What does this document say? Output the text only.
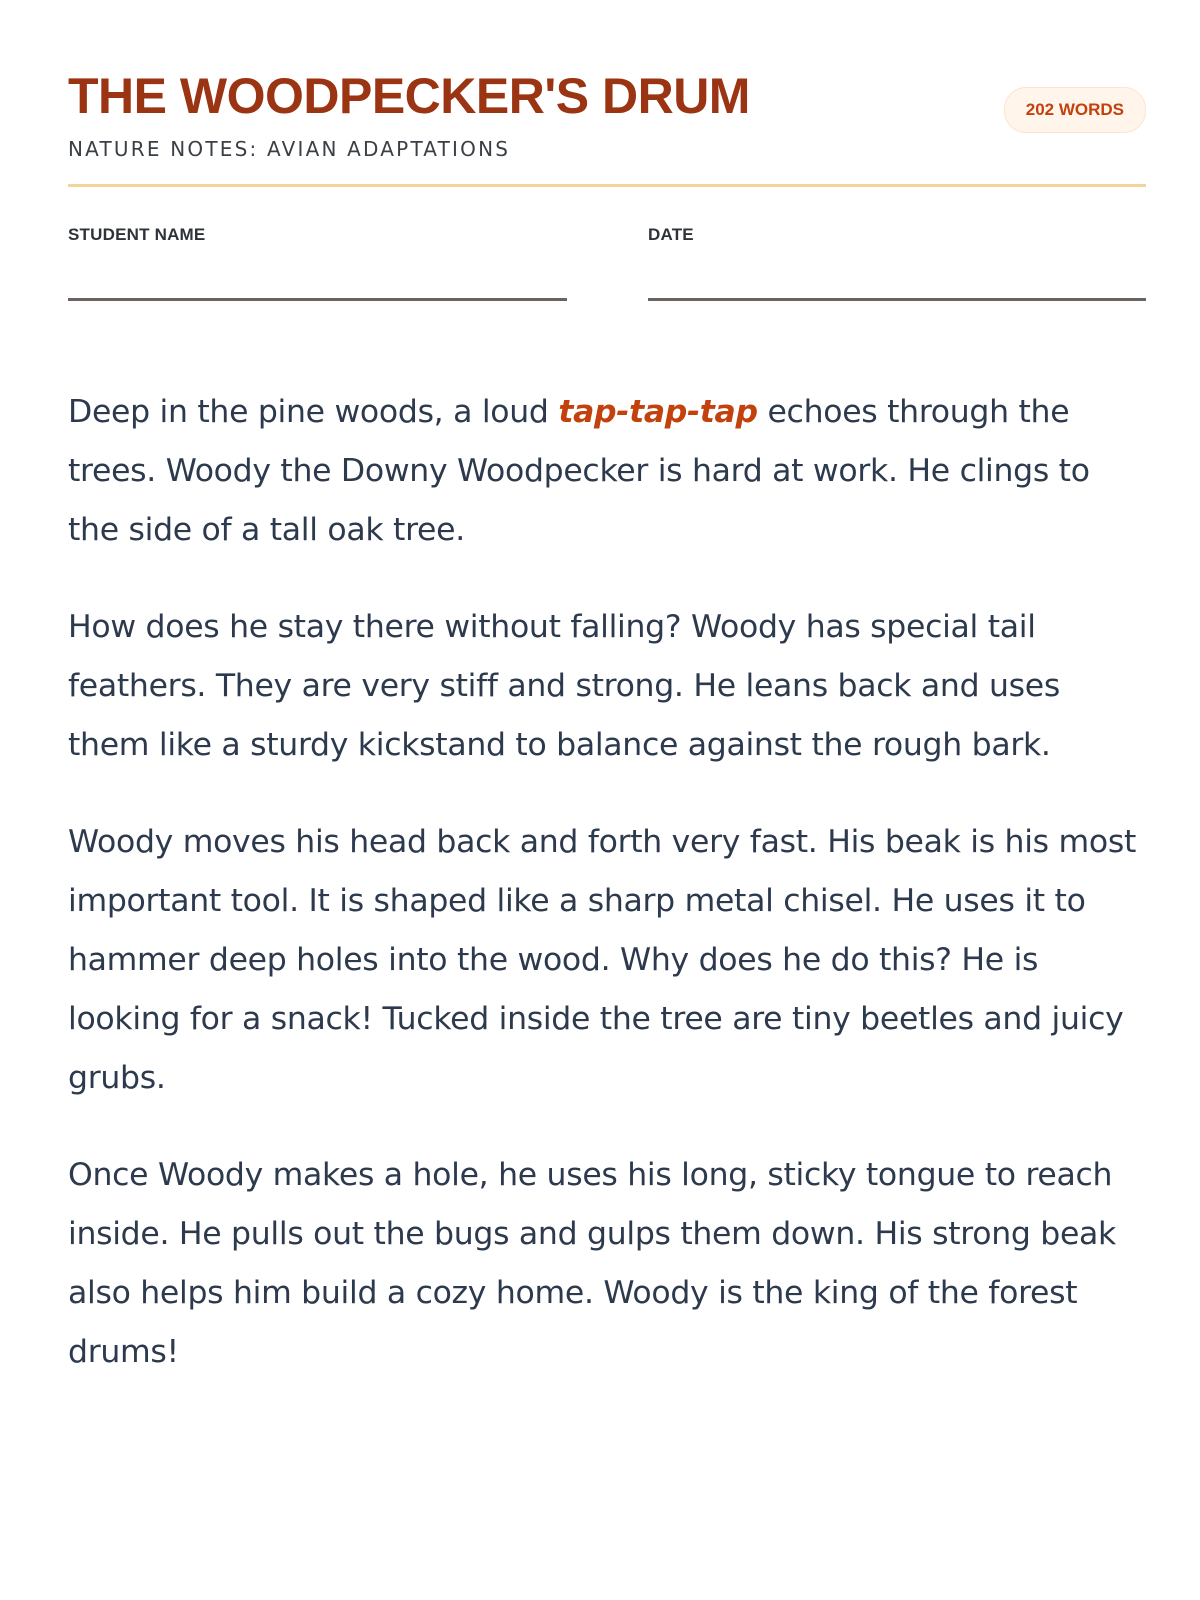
THE WOODPECKER'S DRUM
NATURE NOTES: AVIAN ADAPTATIONS
202 WORDS
STUDENT NAME	DATE

Deep in the pine woods, a loud tap-tap-tap echoes through the trees. Woody the Downy Woodpecker is hard at work. He clings to the side of a tall oak tree.

How does he stay there without falling? Woody has special tail feathers. They are very stiff and strong. He leans back and uses them like a sturdy kickstand to balance against the rough bark.

Woody moves his head back and forth very fast. His beak is his most important tool. It is shaped like a sharp metal chisel. He uses it to hammer deep holes into the wood. Why does he do this? He is looking for a snack! Tucked inside the tree are tiny beetles and juicy grubs.

Once Woody makes a hole, he uses his long, sticky tongue to reach inside. He pulls out the bugs and gulps them down. His strong beak also helps him build a cozy home. Woody is the king of the forest drums!
